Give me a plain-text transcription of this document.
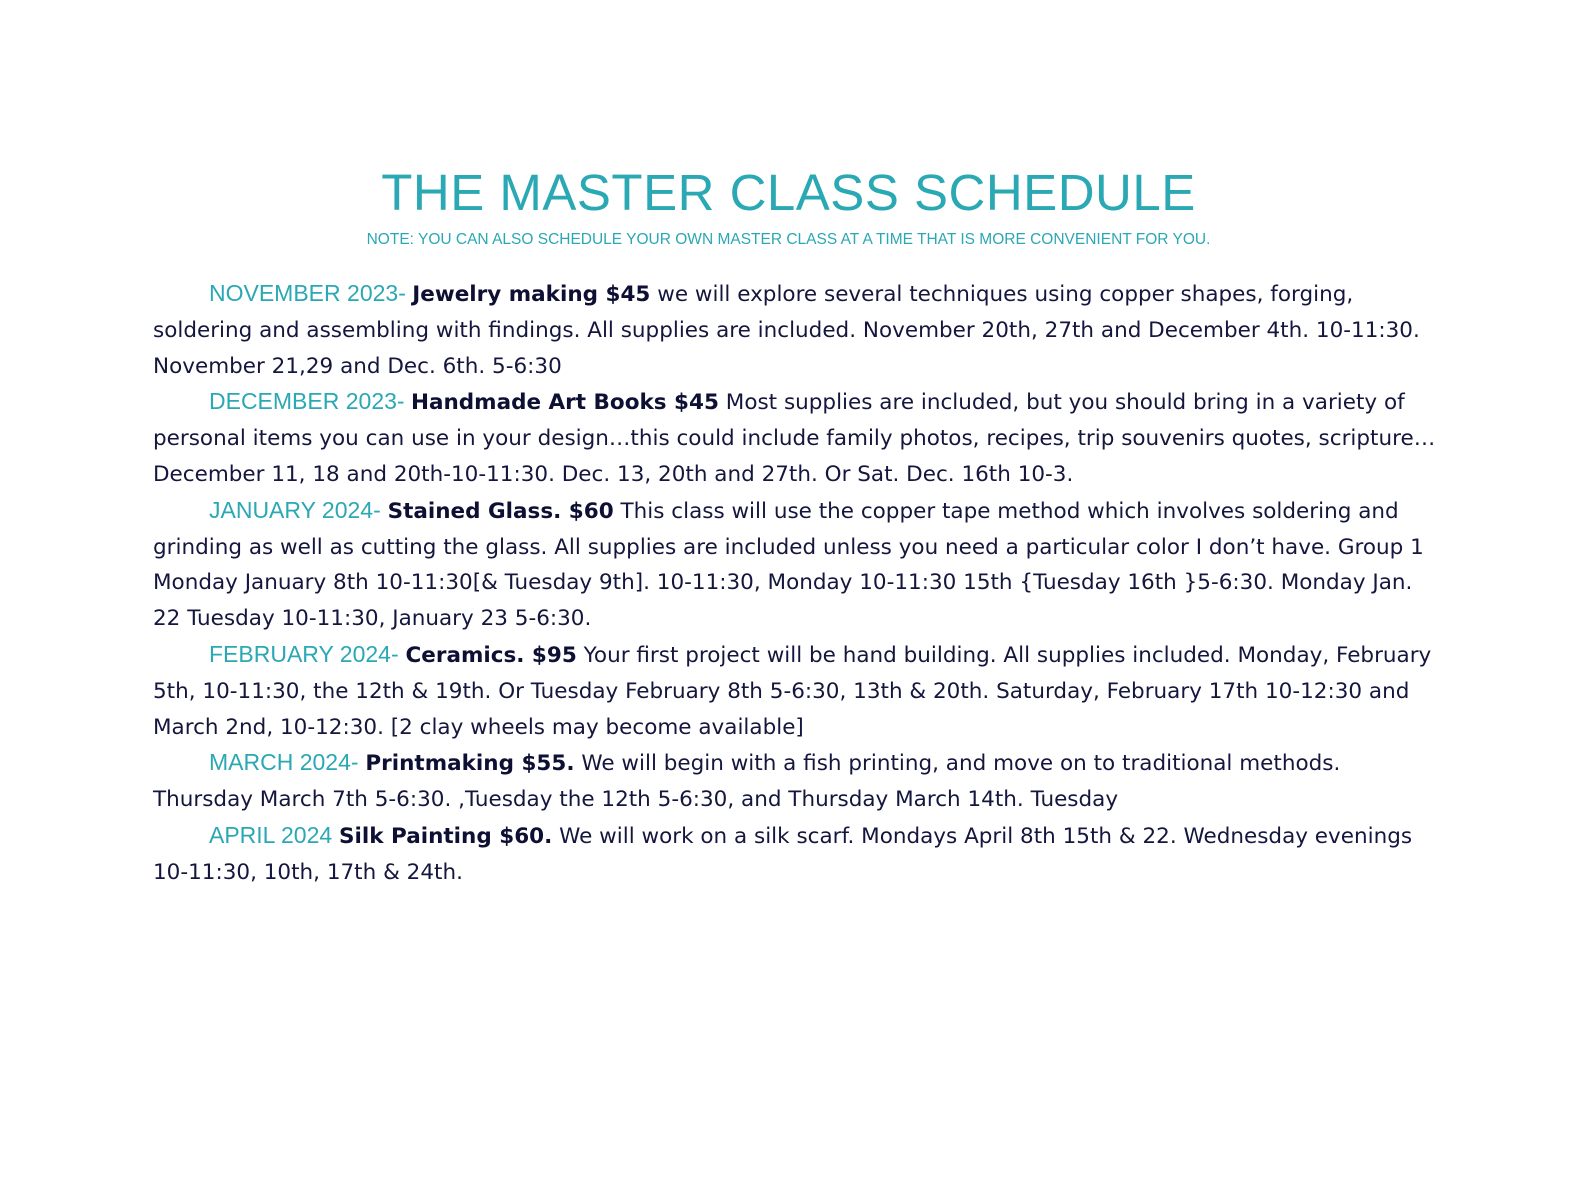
THE MASTER CLASS SCHEDULE

NOTE: YOU CAN ALSO SCHEDULE YOUR OWN MASTER CLASS AT A TIME THAT IS MORE CONVENIENT FOR YOU.

NOVEMBER 2023- Jewelry making $45 we will explore several techniques using copper shapes, forging, soldering and assembling with findings. All supplies are included. November 20th, 27th and December 4th. 10-11:30. November 21,29 and Dec. 6th. 5-6:30

DECEMBER 2023- Handmade Art Books $45 Most supplies are included, but you should bring in a variety of personal items you can use in your design…this could include family photos, recipes, trip souvenirs quotes, scripture…December 11, 18 and 20th-10-11:30. Dec. 13, 20th and 27th. Or Sat. Dec. 16th 10-3.

JANUARY 2024- Stained Glass. $60 This class will use the copper tape method which involves soldering and grinding as well as cutting the glass. All supplies are included unless you need a particular color I don’t have. Group 1 Monday January 8th 10-11:30[& Tuesday 9th]. 10-11:30, Monday 10-11:30 15th {Tuesday 16th }5-6:30. Monday Jan. 22 Tuesday 10-11:30, January 23 5-6:30.

FEBRUARY 2024- Ceramics. $95 Your first project will be hand building. All supplies included. Monday, February 5th, 10-11:30, the 12th & 19th. Or Tuesday February 8th 5-6:30, 13th & 20th. Saturday, February 17th 10-12:30 and March 2nd, 10-12:30. [2 clay wheels may become available]

MARCH 2024- Printmaking $55. We will begin with a fish printing, and move on to traditional methods. Thursday March 7th 5-6:30. ,Tuesday the 12th 5-6:30, and Thursday March 14th. Tuesday

APRIL 2024 Silk Painting $60. We will work on a silk scarf. Mondays April 8th 15th & 22. Wednesday evenings 10-11:30, 10th, 17th & 24th.
